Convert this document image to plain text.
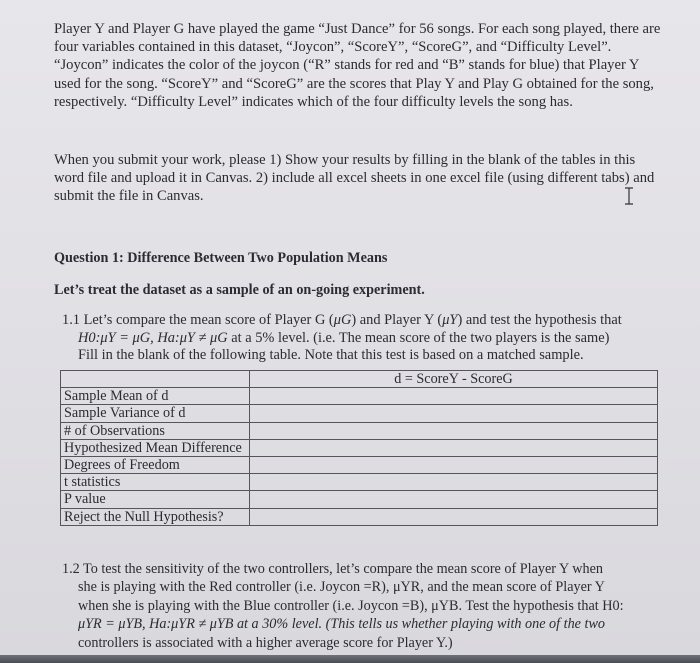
Player Y and Player G have played the game “Just Dance” for 56 songs. For each song played, there are four variables contained in this dataset, “Joycon”, “ScoreY”, “ScoreG”, and “Difficulty Level”. “Joycon” indicates the color of the joycon (“R” stands for red and “B” stands for blue) that Player Y used for the song. “ScoreY” and “ScoreG” are the scores that Play Y and Play G obtained for the song, respectively. “Difficulty Level” indicates which of the four difficulty levels the song has.

When you submit your work, please 1) Show your results by filling in the blank of the tables in this word file and upload it in Canvas. 2) include all excel sheets in one excel file (using different tabs) and submit the file in Canvas.

Question 1: Difference Between Two Population Means

Let’s treat the dataset as a sample of an on-going experiment.

1.1 Let’s compare the mean score of Player G (μG) and Player Y (μY) and test the hypothesis that
H0:μY = μG, Ha:μY ≠ μG at a 5% level. (i.e. The mean score of the two players is the same)
Fill in the blank of the following table. Note that this test is based on a matched sample.
	d = ScoreY - ScoreG
Sample Mean of d	
Sample Variance of d	
# of Observations	
Hypothesized Mean Difference	
Degrees of Freedom	
t statistics	
P value	
Reject the Null Hypothesis?	
1.2 To test the sensitivity of the two controllers, let’s compare the mean score of Player Y when
she is playing with the Red controller (i.e. Joycon =R), μYR, and the mean score of Player Y
when she is playing with the Blue controller (i.e. Joycon =B), μYB. Test the hypothesis that H0:
μYR = μYB, Ha:μYR ≠ μYB at a 30% level. (This tells us whether playing with one of the two
controllers is associated with a higher average score for Player Y.)
